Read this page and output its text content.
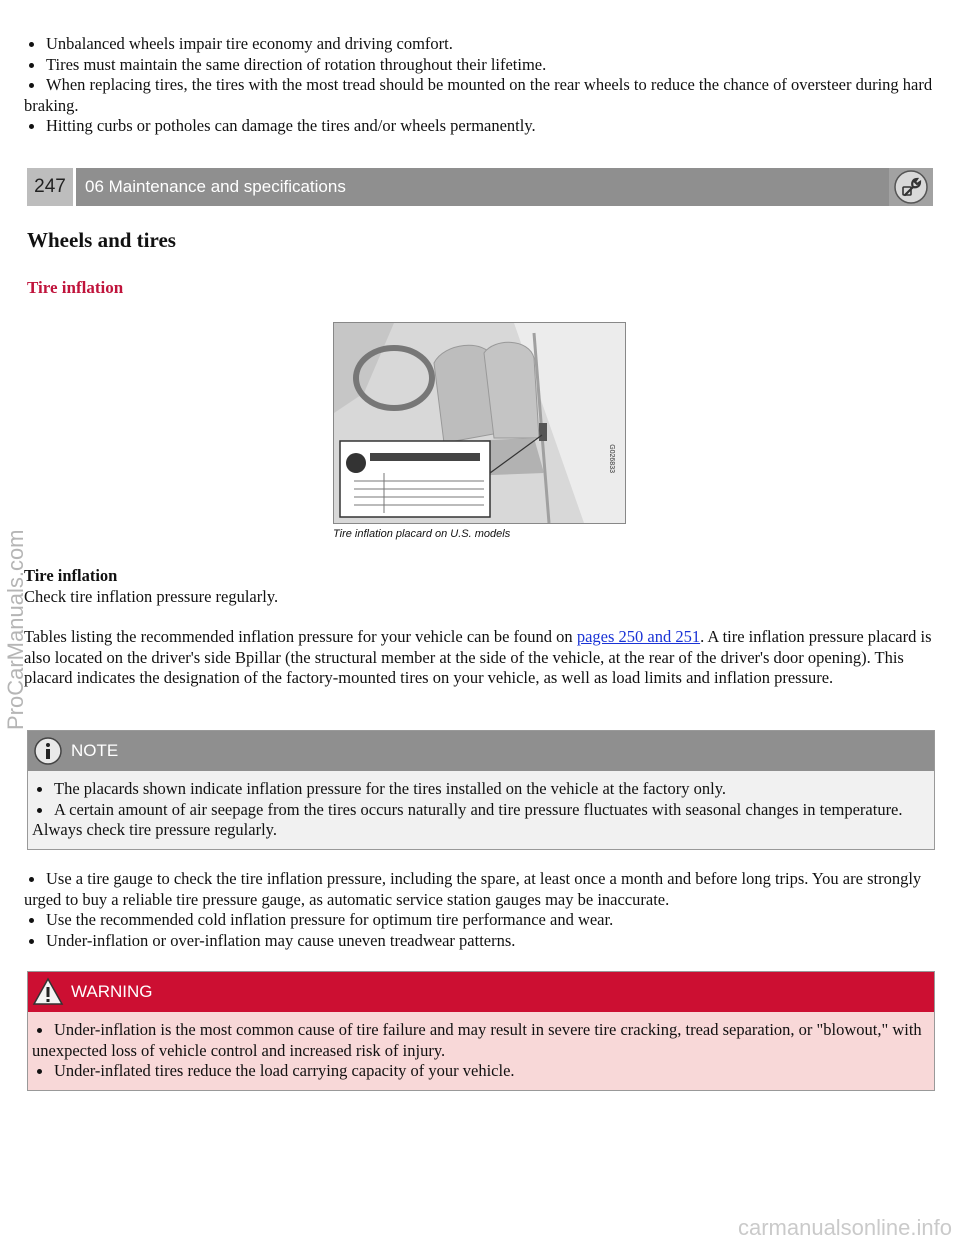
Unbalanced wheels impair tire economy and driving comfort.
Tires must maintain the same direction of rotation throughout their lifetime.
When replacing tires, the tires with the most tread should be mounted on the rear wheels to reduce the chance of oversteer during hard braking.
Hitting curbs or potholes can damage the tires and/or wheels permanently.
247	06 Maintenance and specifications
Wheels and tires
Tire inflation
G026833
Tire inflation placard on U.S. models

Tire inflation

Check tire inflation pressure regularly.

Tables listing the recommended inflation pressure for your vehicle can be found on pages 250 and 251. A tire inflation pressure placard is also located on the driver's side Bpillar (the structural member at the side of the vehicle, at the rear of the driver's door opening). This placard indicates the designation of the factory-mounted tires on your vehicle, as well as load limits and inflation pressure.

NOTE
The placards shown indicate inflation pressure for the tires installed on the vehicle at the factory only.
A certain amount of air seepage from the tires occurs naturally and tire pressure fluctuates with seasonal changes in temperature. Always check tire pressure regularly.
Use a tire gauge to check the tire inflation pressure, including the spare, at least once a month and before long trips. You are strongly urged to buy a reliable tire pressure gauge, as automatic service station gauges may be inaccurate.
Use the recommended cold inflation pressure for optimum tire performance and wear.
Under-inflation or over-inflation may cause uneven treadwear patterns.
WARNING
Under-inflation is the most common cause of tire failure and may result in severe tire cracking, tread separation, or "blowout," with unexpected loss of vehicle control and increased risk of injury.
Under-inflated tires reduce the load carrying capacity of your vehicle.
ProCarManuals.com
carmanualsonline.info
